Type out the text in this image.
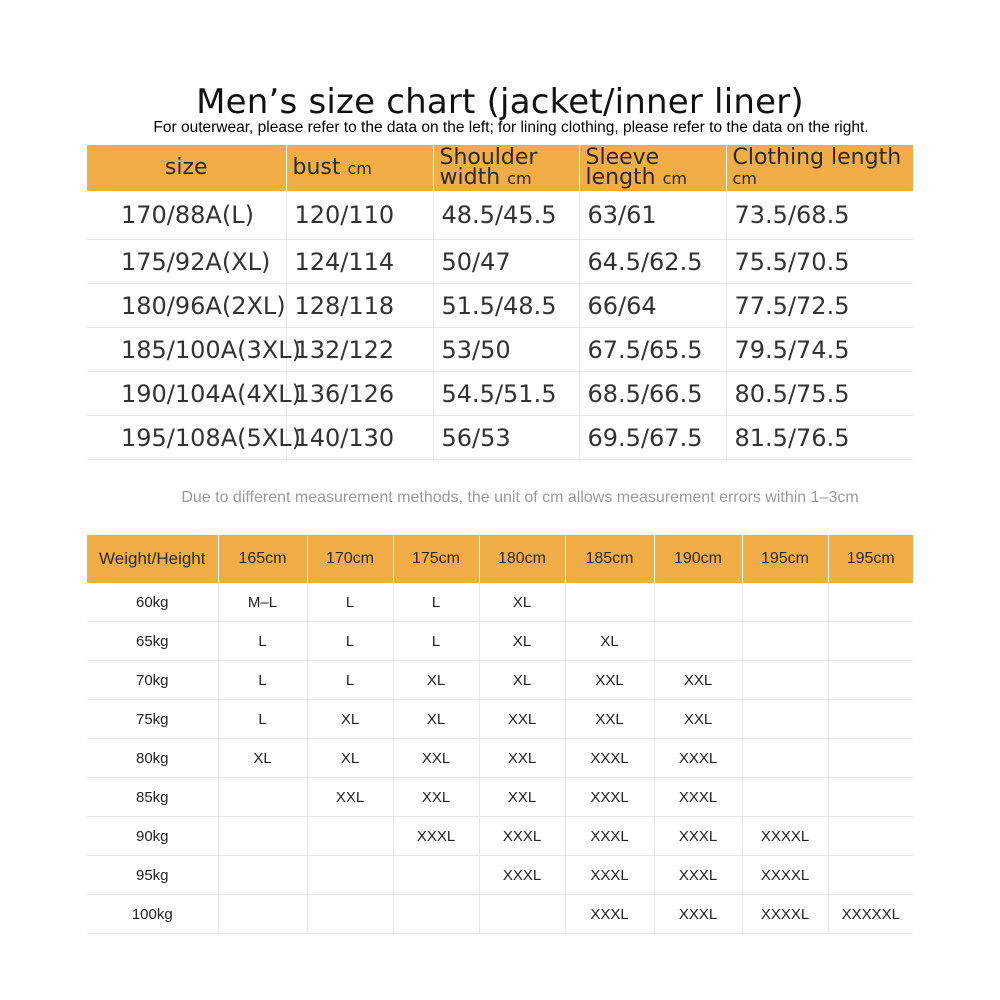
Men’s size chart (jacket/inner liner)
For outerwear, please refer to the data on the left; for lining clothing, please refer to the data on the right.
size	bust cm	Shoulder width cm	Sleeve length cm	Clothing length cm
170/88A(L)	120/110	48.5/45.5	63/61	73.5/68.5
175/92A(XL)	124/114	50/47	64.5/62.5	75.5/70.5
180/96A(2XL)	128/118	51.5/48.5	66/64	77.5/72.5
185/100A(3XL)	132/122	53/50	67.5/65.5	79.5/74.5
190/104A(4XL)	136/126	54.5/51.5	68.5/66.5	80.5/75.5
195/108A(5XL)	140/130	56/53	69.5/67.5	81.5/76.5
Due to different measurement methods, the unit of cm allows measurement errors within 1–3cm
Weight/Height	165cm	170cm	175cm	180cm	185cm	190cm	195cm	195cm
60kg	M–L	L	L	XL				
65kg	L	L	L	XL	XL			
70kg	L	L	XL	XL	XXL	XXL		
75kg	L	XL	XL	XXL	XXL	XXL		
80kg	XL	XL	XXL	XXL	XXXL	XXXL		
85kg		XXL	XXL	XXL	XXXL	XXXL		
90kg			XXXL	XXXL	XXXL	XXXL	XXXXL	
95kg				XXXL	XXXL	XXXL	XXXXL	
100kg					XXXL	XXXL	XXXXL	XXXXXL
